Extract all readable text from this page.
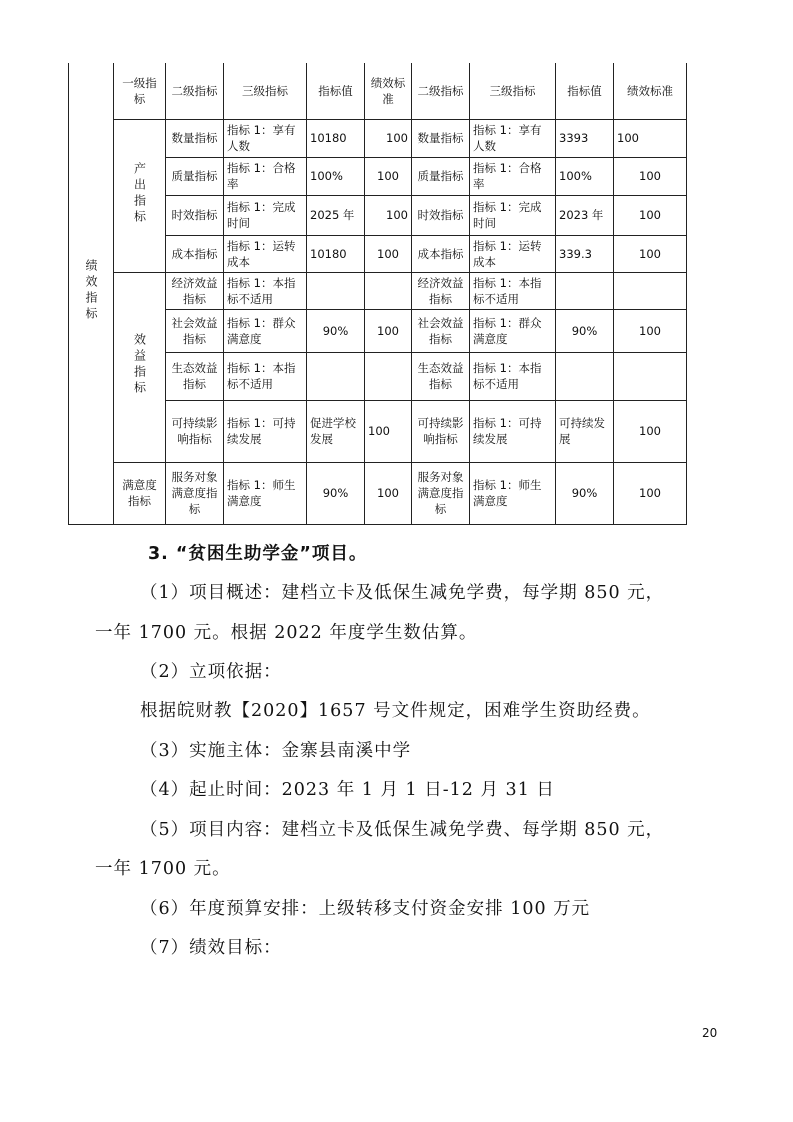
绩效指标	一级指标	二级指标	三级指标	指标值	绩效标准	二级指标	三级指标	指标值	绩效标准
	产出指标	数量指标	指标 1：享有人数	10180	100	数量指标	指标 1：享有人数	3393	100
		质量指标	指标 1：合格率	100%	100	质量指标	指标 1：合格率	100%	100
		时效指标	指标 1：完成时间	2025 年	100	时效指标	指标 1：完成时间	2023 年	100
		成本指标	指标 1：运转成本	10180	100	成本指标	指标 1：运转成本	339.3	100
	效益指标	经济效益指标	指标 1：本指标不适用			经济效益指标	指标 1：本指标不适用		
		社会效益指标	指标 1：群众满意度	90%	100	社会效益指标	指标 1：群众满意度	90%	100
		生态效益指标	指标 1：本指标不适用			生态效益指标	指标 1：本指标不适用		
		可持续影响指标	指标 1：可持续发展	促进学校发展	100	可持续影响指标	指标 1：可持续发展	可持续发展	100
	满意度指标	服务对象满意度指标	指标 1：师生满意度	90%	100	服务对象满意度指标	指标 1：师生满意度	90%	100
3. “贫困生助学金”项目。
（1）项目概述：建档立卡及低保生减免学费，每学期 850 元，
一年 1700 元。根据 2022 年度学生数估算。
（2）立项依据：
根据皖财教【2020】1657 号文件规定，困难学生资助经费。
（3）实施主体：金寨县南溪中学
（4）起止时间：2023 年 1 月 1 日-12 月 31 日
（5）项目内容：建档立卡及低保生减免学费、每学期 850 元，
一年 1700 元。
（6）年度预算安排：上级转移支付资金安排 100 万元
（7）绩效目标：
20
